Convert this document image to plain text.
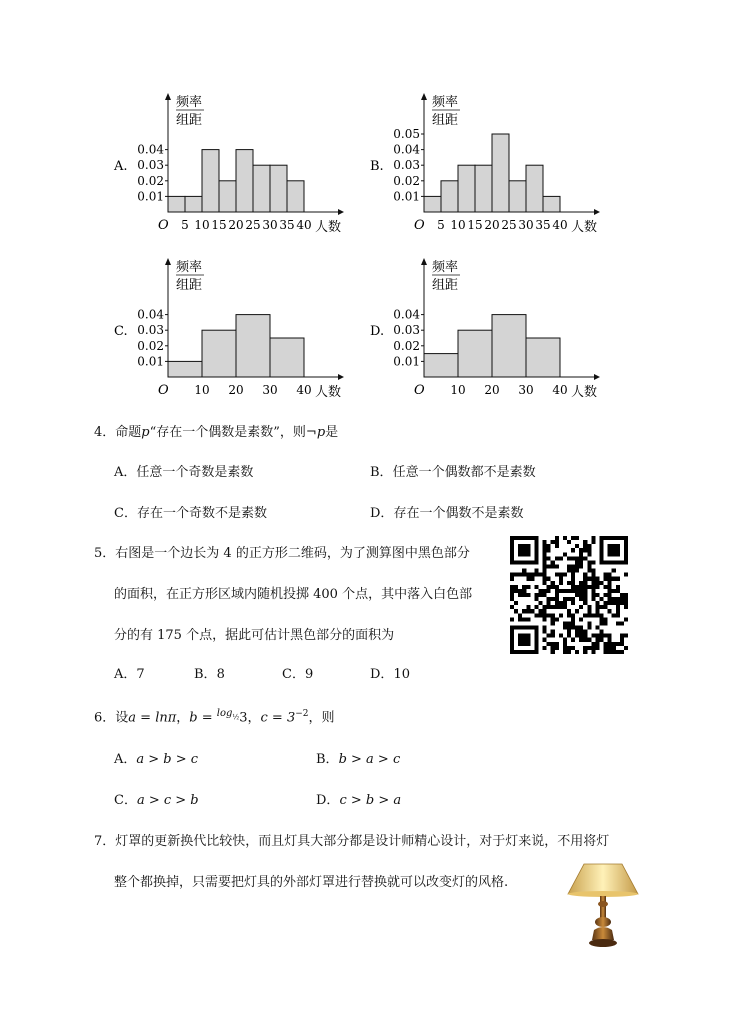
A.
频率
组距
O
0.04
0.03
0.02
0.01
5 10 15 20 25 30 35 40 人数
B.
频率
组距
O
0.05
0.04
0.03
0.02
0.01
5 10 15 20 25 30 35 40 人数
C.
频率
组距
O
0.04
0.03
0.02
0.01
10 20 30 40 人数
D.
频率
组距
O
0.04
0.03
0.02
0.01
10 20 30 40 人数
4．命题p“存在一个偶数是素数”，则¬p是
A．任意一个奇数是素数	B．任意一个偶数都不是素数
C．存在一个奇数不是素数	D．存在一个偶数不是素数
5．右图是一个边长为 4 的正方形二维码，为了测算图中黑色部分
的面积，在正方形区域内随机投掷 400 个点，其中落入白色部
分的有 175 个点，据此可估计黑色部分的面积为
A．7	B．8	C．9	D．10
6．设a = lnπ，$b = \log_{\frac{1}{2}}3$，$c = 3^{-2}$，则
A．a > b > c	B．b > a > c
C．a > c > b	D．c > b > a
7．灯罩的更新换代比较快，而且灯具大部分都是设计师精心设计，对于灯来说，不用将灯
整个都换掉，只需要把灯具的外部灯罩进行替换就可以改变灯的风格.
